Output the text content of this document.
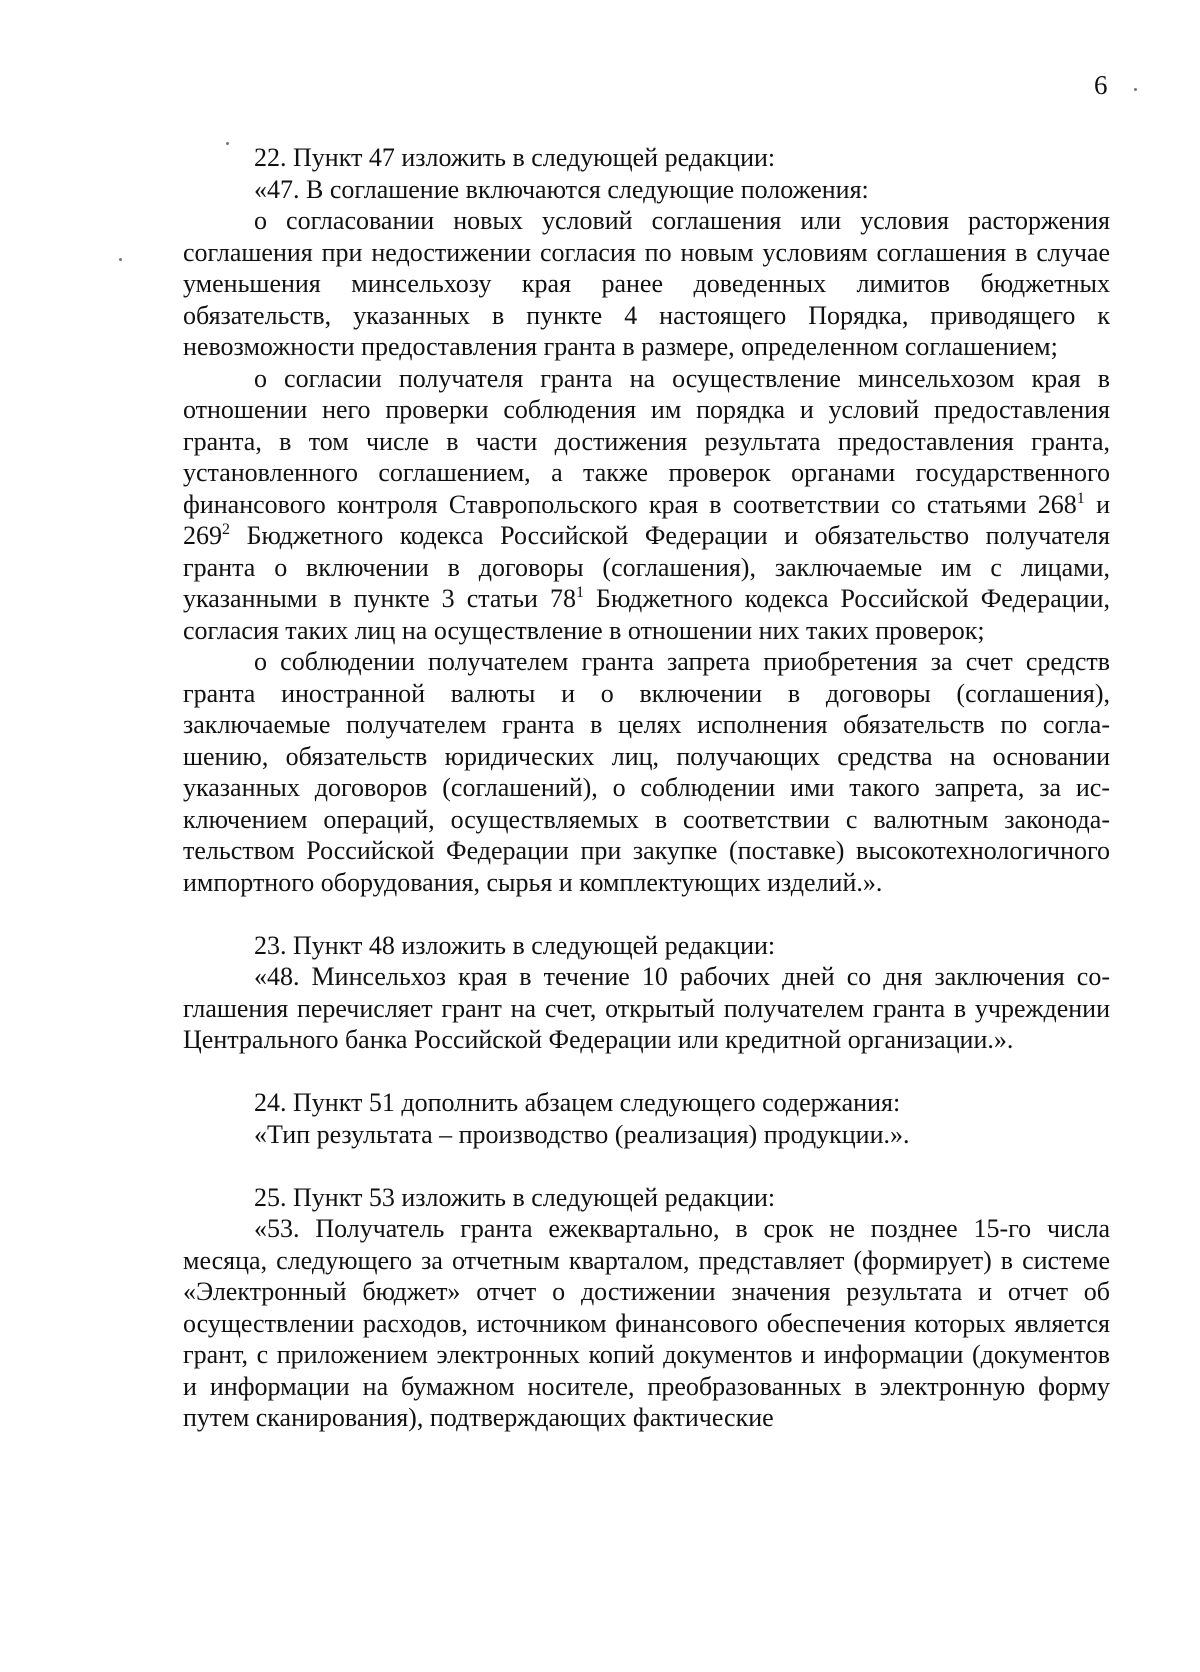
6

22. Пункт 47 изложить в следующей редакции:

«47. В соглашение включаются следующие положения:

о согласовании новых условий соглашения или условия расторжения соглашения при недостижении согласия по новым условиям соглашения в случае уменьшения минсельхозу края ранее доведенных лимитов бюджетных обязательств, указанных в пункте 4 настоящего Порядка, приводящего к невозможности предоставления гранта в размере, определенном соглашением;

о согласии получателя гранта на осуществление минсельхозом края в отношении него проверки соблюдения им порядка и условий предоставления гранта, в том числе в части достижения результата предоставления гранта, установленного соглашением, а также проверок органами государственного финансового контроля Ставропольского края в соответствии со статьями $268^1$ и $269^2$ Бюджетного кодекса Российской Федерации и обязательство получателя гранта о включении в договоры (соглашения), заключаемые им с лицами, указанными в пункте 3 статьи $78^1$ Бюджетного кодекса Российской Федерации, согласия таких лиц на осуществление в отношении них таких проверок;

о соблюдении получателем гранта запрета приобретения за счет средств гранта иностранной валюты и о включении в договоры (соглашения), заключаемые получателем гранта в целях исполнения обязательств по соглашению, обязательств юридических лиц, получающих средства на основании указанных договоров (соглашений), о соблюдении ими такого запрета, за исключением операций, осуществляемых в соответствии с валютным законодательством Российской Федерации при закупке (поставке) высокотехнологичного импортного оборудования, сырья и комплектующих изделий.».

23. Пункт 48 изложить в следующей редакции:

«48. Минсельхоз края в течение 10 рабочих дней со дня заключения соглашения перечисляет грант на счет, открытый получателем гранта в учреждении Центрального банка Российской Федерации или кредитной организации.».

24. Пункт 51 дополнить абзацем следующего содержания:

«Тип результата – производство (реализация) продукции.».

25. Пункт 53 изложить в следующей редакции:

«53. Получатель гранта ежеквартально, в срок не позднее 15-го числа месяца, следующего за отчетным кварталом, представляет (формирует) в системе «Электронный бюджет» отчет о достижении значения результата и отчет об осуществлении расходов, источником финансового обеспечения которых является грант, с приложением электронных копий документов и информации (документов и информации на бумажном носителе, преобразованных в электронную форму путем сканирования), подтверждающих фактические
